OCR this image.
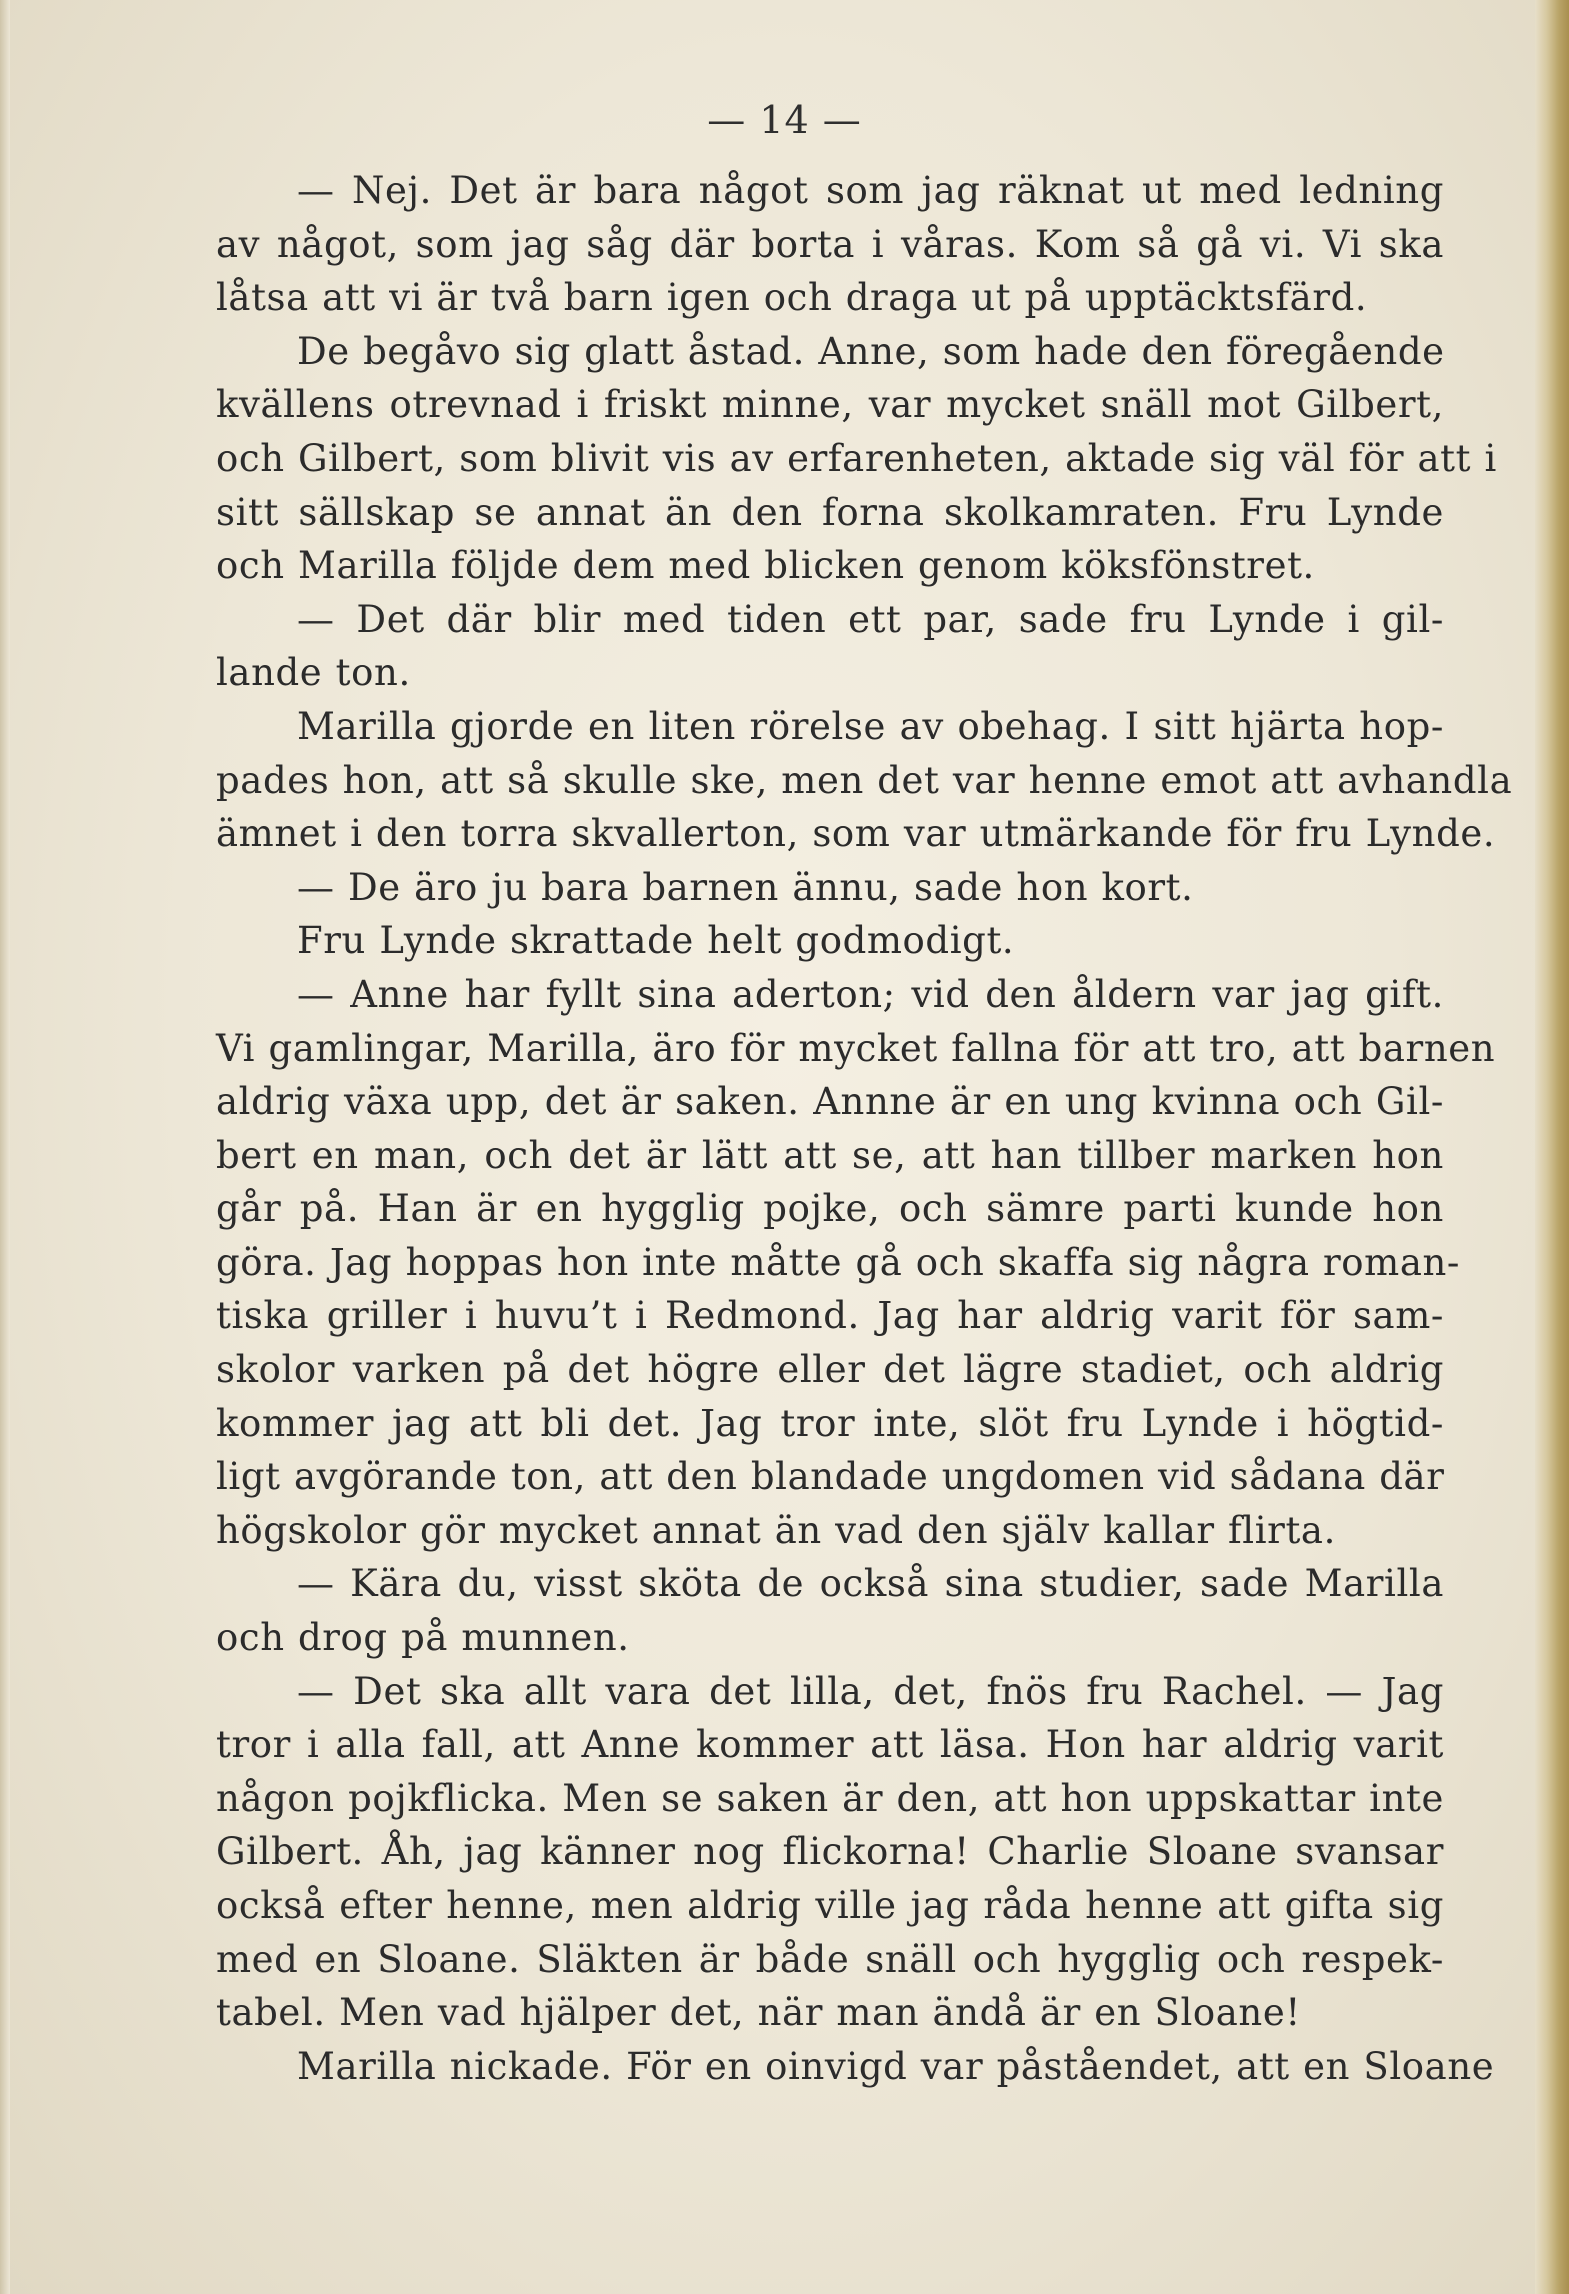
— 14 —
— Nej. Det är bara något som jag räknat ut med ledning
av något, som jag såg där borta i våras. Kom så gå vi. Vi ska
låtsa att vi är två barn igen och draga ut på upptäcktsfärd.
De begåvo sig glatt åstad. Anne, som hade den föregående
kvällens otrevnad i friskt minne, var mycket snäll mot Gilbert,
och Gilbert, som blivit vis av erfarenheten, aktade sig väl för att i
sitt sällskap se annat än den forna skolkamraten. Fru Lynde
och Marilla följde dem med blicken genom köksfönstret.
— Det där blir med tiden ett par, sade fru Lynde i gil-
lande ton.
Marilla gjorde en liten rörelse av obehag. I sitt hjärta hop-
pades hon, att så skulle ske, men det var henne emot att avhandla
ämnet i den torra skvallerton, som var utmärkande för fru Lynde.
— De äro ju bara barnen ännu, sade hon kort.
Fru Lynde skrattade helt godmodigt.
— Anne har fyllt sina aderton; vid den åldern var jag gift.
Vi gamlingar, Marilla, äro för mycket fallna för att tro, att barnen
aldrig växa upp, det är saken. Annne är en ung kvinna och Gil-
bert en man, och det är lätt att se, att han tillber marken hon
går på. Han är en hygglig pojke, och sämre parti kunde hon
göra. Jag hoppas hon inte måtte gå och skaffa sig några roman-
tiska griller i huvu’t i Redmond. Jag har aldrig varit för sam-
skolor varken på det högre eller det lägre stadiet, och aldrig
kommer jag att bli det. Jag tror inte, slöt fru Lynde i högtid-
ligt avgörande ton, att den blandade ungdomen vid sådana där
högskolor gör mycket annat än vad den själv kallar flirta.
— Kära du, visst sköta de också sina studier, sade Marilla
och drog på munnen.
— Det ska allt vara det lilla, det, fnös fru Rachel. — Jag
tror i alla fall, att Anne kommer att läsa. Hon har aldrig varit
någon pojkflicka. Men se saken är den, att hon uppskattar inte
Gilbert. Åh, jag känner nog flickorna! Charlie Sloane svansar
också efter henne, men aldrig ville jag råda henne att gifta sig
med en Sloane. Släkten är både snäll och hygglig och respek-
tabel. Men vad hjälper det, när man ändå är en Sloane!
Marilla nickade. För en oinvigd var påståendet, att en Sloane
